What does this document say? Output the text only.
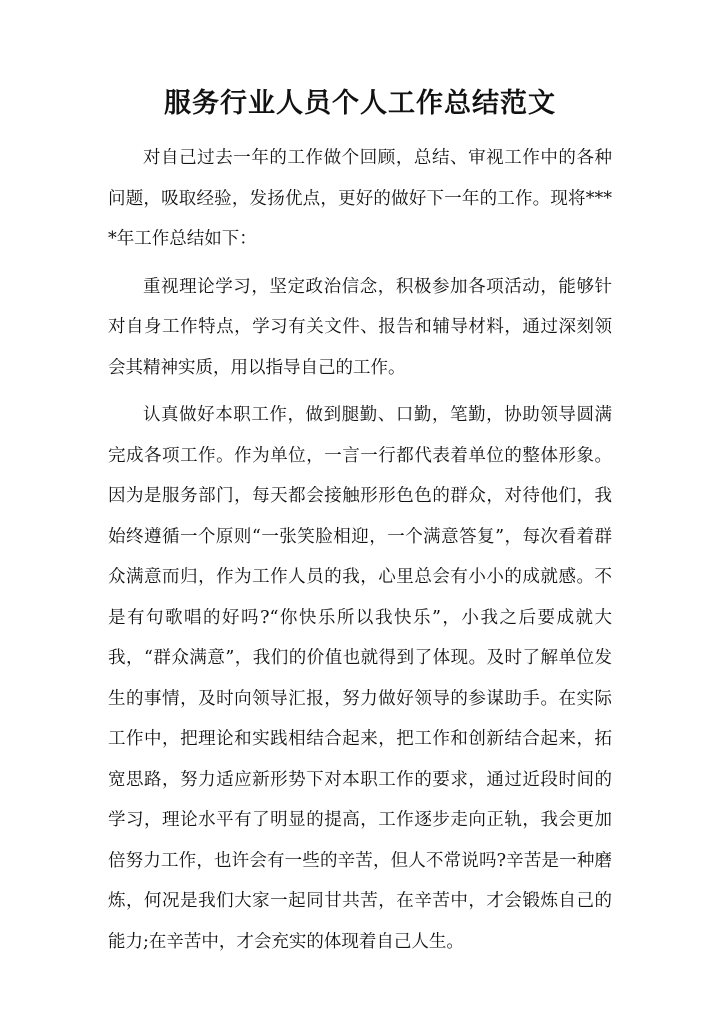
服务行业人员个人工作总结范文

对自己过去一年的工作做个回顾，总结、审视工作中的各种问题，吸取经验，发扬优点，更好的做好下一年的工作。现将****年工作总结如下：

重视理论学习，坚定政治信念，积极参加各项活动，能够针对自身工作特点，学习有关文件、报告和辅导材料，通过深刻领会其精神实质，用以指导自己的工作。

认真做好本职工作，做到腿勤、口勤，笔勤，协助领导圆满完成各项工作。作为单位，一言一行都代表着单位的整体形象。因为是服务部门，每天都会接触形形色色的群众，对待他们，我始终遵循一个原则“一张笑脸相迎，一个满意答复”，每次看着群众满意而归，作为工作人员的我，心里总会有小小的成就感。不是有句歌唱的好吗?“你快乐所以我快乐”，小我之后要成就大我，“群众满意”，我们的价值也就得到了体现。及时了解单位发生的事情，及时向领导汇报，努力做好领导的参谋助手。在实际工作中，把理论和实践相结合起来，把工作和创新结合起来，拓宽思路，努力适应新形势下对本职工作的要求，通过近段时间的学习，理论水平有了明显的提高，工作逐步走向正轨，我会更加倍努力工作，也许会有一些的辛苦，但人不常说吗?辛苦是一种磨炼，何况是我们大家一起同甘共苦，在辛苦中，才会锻炼自己的能力;在辛苦中，才会充实的体现着自己人生。
